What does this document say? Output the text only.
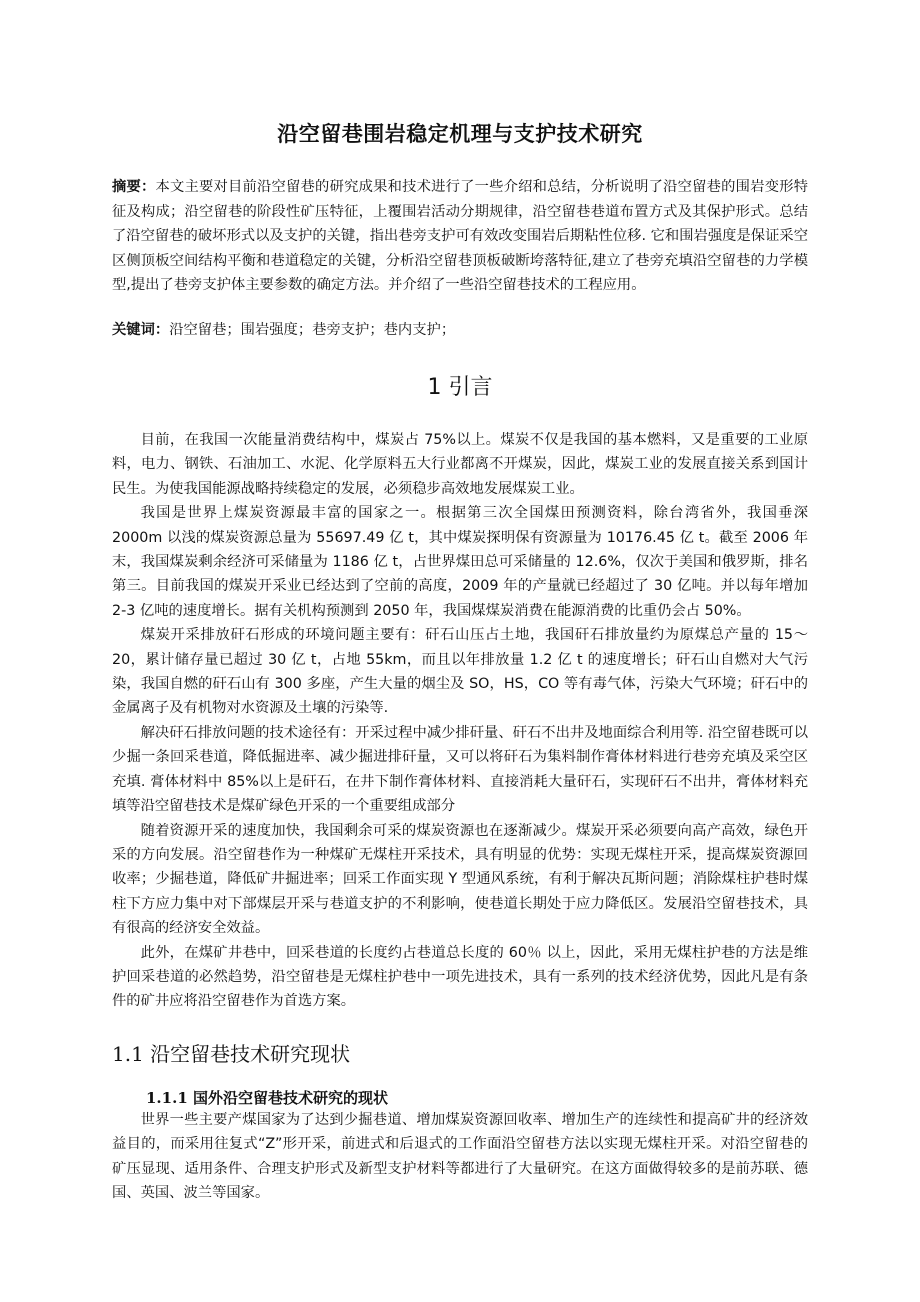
沿空留巷围岩稳定机理与支护技术研究
摘要：本文主要对目前沿空留巷的研究成果和技术进行了一些介绍和总结，分析说明了沿空留巷的围岩变形特征及构成；沿空留巷的阶段性矿压特征，上覆围岩活动分期规律，沿空留巷巷道布置方式及其保护形式。总结了沿空留巷的破坏形式以及支护的关键，指出巷旁支护可有效改变围岩后期粘性位移. 它和围岩强度是保证采空区侧顶板空间结构平衡和巷道稳定的关键，分析沿空留巷顶板破断垮落特征,建立了巷旁充填沿空留巷的力学模型,提出了巷旁支护体主要参数的确定方法。并介绍了一些沿空留巷技术的工程应用。
关键词：沿空留巷；围岩强度；巷旁支护；巷内支护；
1 引言

目前，在我国一次能量消费结构中，煤炭占 75%以上。煤炭不仅是我国的基本燃料，又是重要的工业原料，电力、钢铁、石油加工、水泥、化学原料五大行业都离不开煤炭，因此，煤炭工业的发展直接关系到国计民生。为使我国能源战略持续稳定的发展，必须稳步高效地发展煤炭工业。

我国是世界上煤炭资源最丰富的国家之一。根据第三次全国煤田预测资料，除台湾省外，我国垂深 2000m 以浅的煤炭资源总量为 55697.49 亿 t，其中煤炭探明保有资源量为 10176.45 亿 t。截至 2006 年末，我国煤炭剩余经济可采储量为 1186 亿 t，占世界煤田总可采储量的 12.6%，仅次于美国和俄罗斯，排名第三。目前我国的煤炭开采业已经达到了空前的高度，2009 年的产量就已经超过了 30 亿吨。并以每年增加 2-3 亿吨的速度增长。据有关机构预测到 2050 年，我国煤煤炭消费在能源消费的比重仍会占 50%。

煤炭开采排放矸石形成的环境问题主要有：矸石山压占土地，我国矸石排放量约为原煤总产量的 15～20，累计储存量已超过 30 亿 t，占地 55km，而且以年排放量 1.2 亿 t 的速度增长；矸石山自燃对大气污染，我国自燃的矸石山有 300 多座，产生大量的烟尘及 SO，HS，CO 等有毒气体，污染大气环境；矸石中的金属离子及有机物对水资源及土壤的污染等.

解决矸石排放问题的技术途径有：开采过程中减少排矸量、矸石不出井及地面综合利用等. 沿空留巷既可以少掘一条回采巷道，降低掘进率、减少掘进排矸量，又可以将矸石为集料制作膏体材料进行巷旁充填及采空区充填. 膏体材料中 85%以上是矸石，在井下制作膏体材料、直接消耗大量矸石，实现矸石不出井，膏体材料充填等沿空留巷技术是煤矿绿色开采的一个重要组成部分

随着资源开采的速度加快，我国剩余可采的煤炭资源也在逐渐减少。煤炭开采必须要向高产高效，绿色开采的方向发展。沿空留巷作为一种煤矿无煤柱开采技术，具有明显的优势：实现无煤柱开采，提高煤炭资源回收率；少掘巷道，降低矿井掘进率；回采工作面实现 Y 型通风系统，有利于解决瓦斯问题；消除煤柱护巷时煤柱下方应力集中对下部煤层开采与巷道支护的不利影响，使巷道长期处于应力降低区。发展沿空留巷技术，具有很高的经济安全效益。

此外，在煤矿井巷中，回采巷道的长度约占巷道总长度的 60％ 以上，因此，采用无煤柱护巷的方法是维护回采巷道的必然趋势，沿空留巷是无煤柱护巷中一项先进技术，具有一系列的技术经济优势，因此凡是有条件的矿井应将沿空留巷作为首选方案。

1.1 沿空留巷技术研究现状
1.1.1 国外沿空留巷技术研究的现状

世界一些主要产煤国家为了达到少掘巷道、增加煤炭资源回收率、增加生产的连续性和提高矿井的经济效益目的，而采用往复式“Z”形开采，前进式和后退式的工作面沿空留巷方法以实现无煤柱开采。对沿空留巷的矿压显现、适用条件、合理支护形式及新型支护材料等都进行了大量研究。在这方面做得较多的是前苏联、德国、英国、波兰等国家。
